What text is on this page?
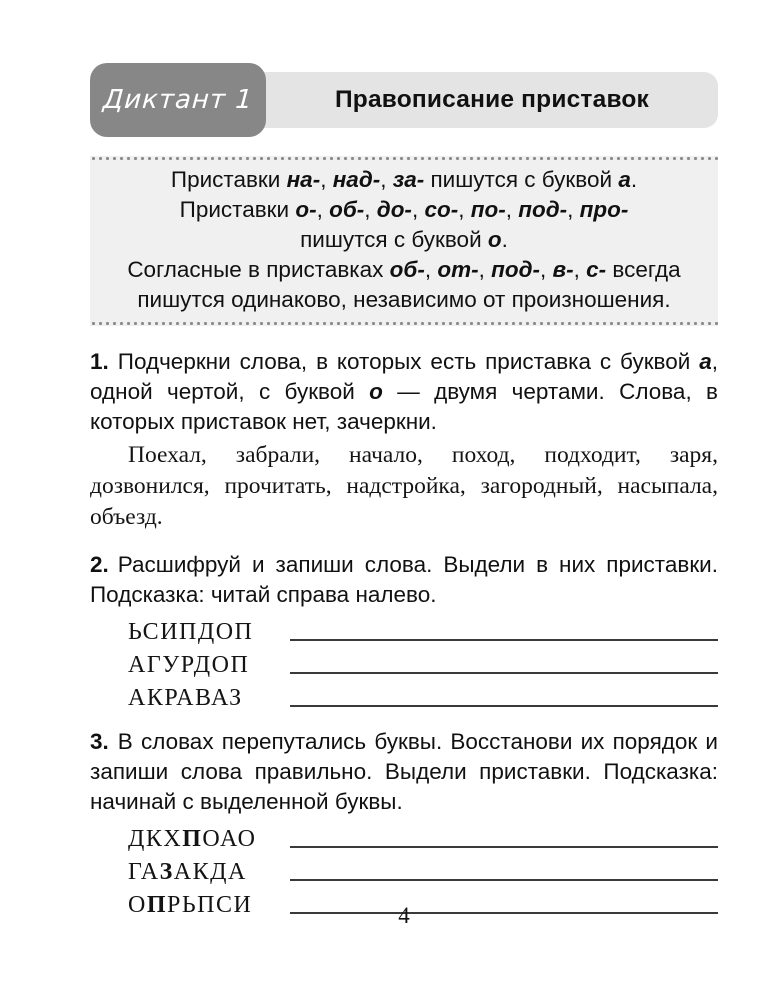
Диктант 1	Правописание приставок
Приставки на-, над-, за- пишутся с буквой а.
Приставки о-, об-, до-, со-, по-, под-, про-
пишутся с буквой о.
Согласные в приставках об-, от-, под-, в-, с- всегда
пишутся одинаково, независимо от произношения.
1. Подчеркни слова, в которых есть приставка с буквой а, одной чертой, с буквой о — двумя чертами. Слова, в которых приставок нет, зачеркни.
Поехал, забрали, начало, поход, подходит, заря, дозвонился, прочитать, надстройка, загородный, насыпала, объезд.
2. Расшифруй и запиши слова. Выдели в них приставки. Подсказка: читай справа налево.
ЬСИПДОП
АГУРДОП
АКРАВАЗ
3. В словах перепутались буквы. Восстанови их порядок и запиши слова правильно. Выдели приставки. Подсказка: начинай с выделенной буквы.
ДКХПОАО
ГАЗАКДА
ОПРЬПСИ	4
